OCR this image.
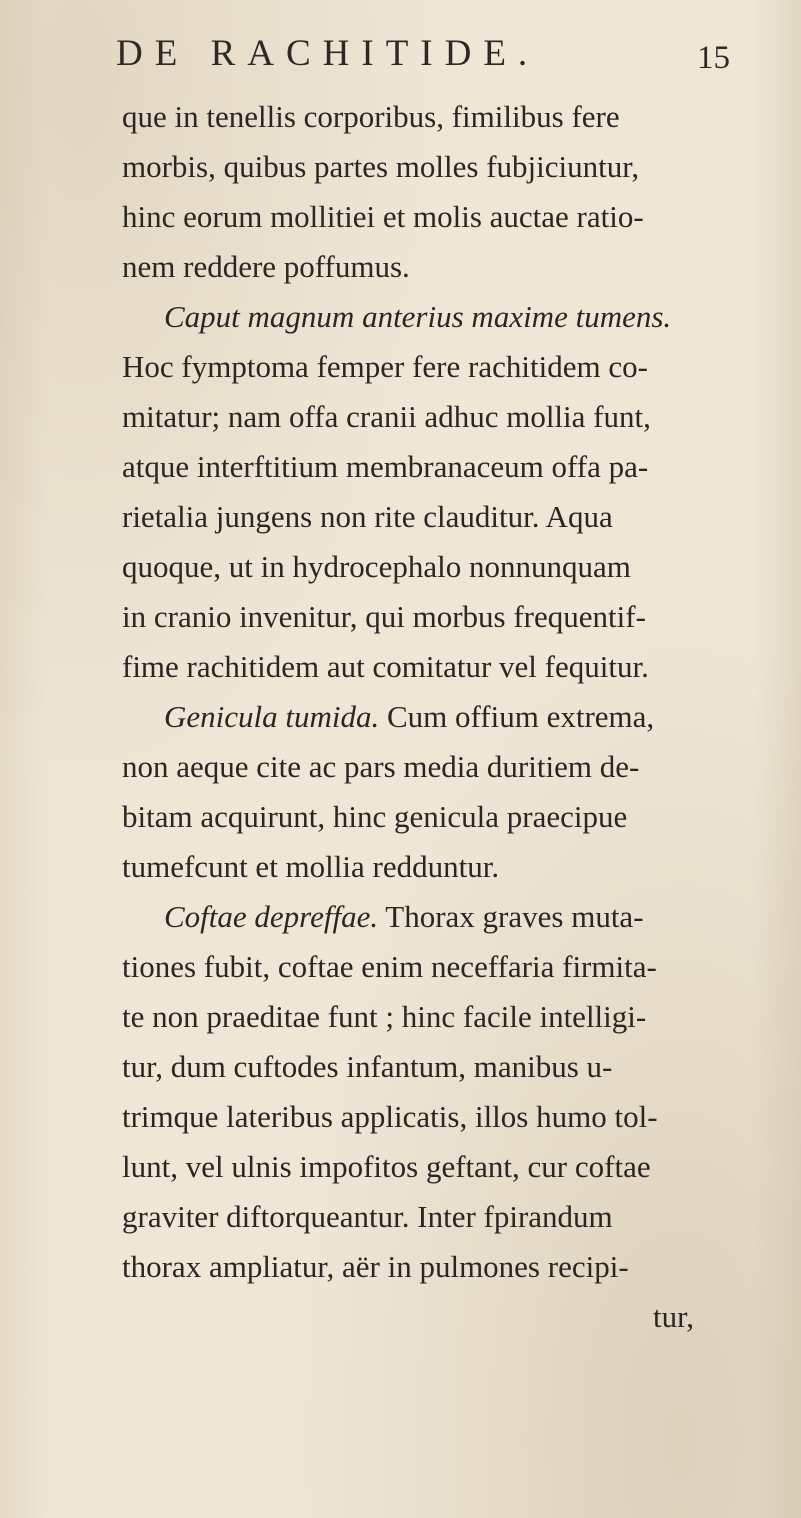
DE RACHITIDE.	15
que in tenellis corporibus, fimilibus fere
morbis, quibus partes molles fubjiciuntur,
hinc eorum mollitiei et molis auctae ratio-
nem reddere poffumus.
Caput magnum anterius maxime tumens.
Hoc fymptoma femper fere rachitidem co-
mitatur; nam offa cranii adhuc mollia funt,
atque interftitium membranaceum offa pa-
rietalia jungens non rite clauditur. Aqua
quoque, ut in hydrocephalo nonnunquam
in cranio invenitur, qui morbus frequentif-
fime rachitidem aut comitatur vel fequitur.
Genicula tumida. Cum offium extrema,
non aeque cite ac pars media duritiem de-
bitam acquirunt, hinc genicula praecipue
tumefcunt et mollia redduntur.
Coftae depreffae. Thorax graves muta-
tiones fubit, coftae enim neceffaria firmita-
te non praeditae funt ; hinc facile intelligi-
tur, dum cuftodes infantum, manibus u-
trimque lateribus applicatis, illos humo tol-
lunt, vel ulnis impofitos geftant, cur coftae
graviter diftorqueantur. Inter fpirandum
thorax ampliatur, aër in pulmones recipi-
tur,
